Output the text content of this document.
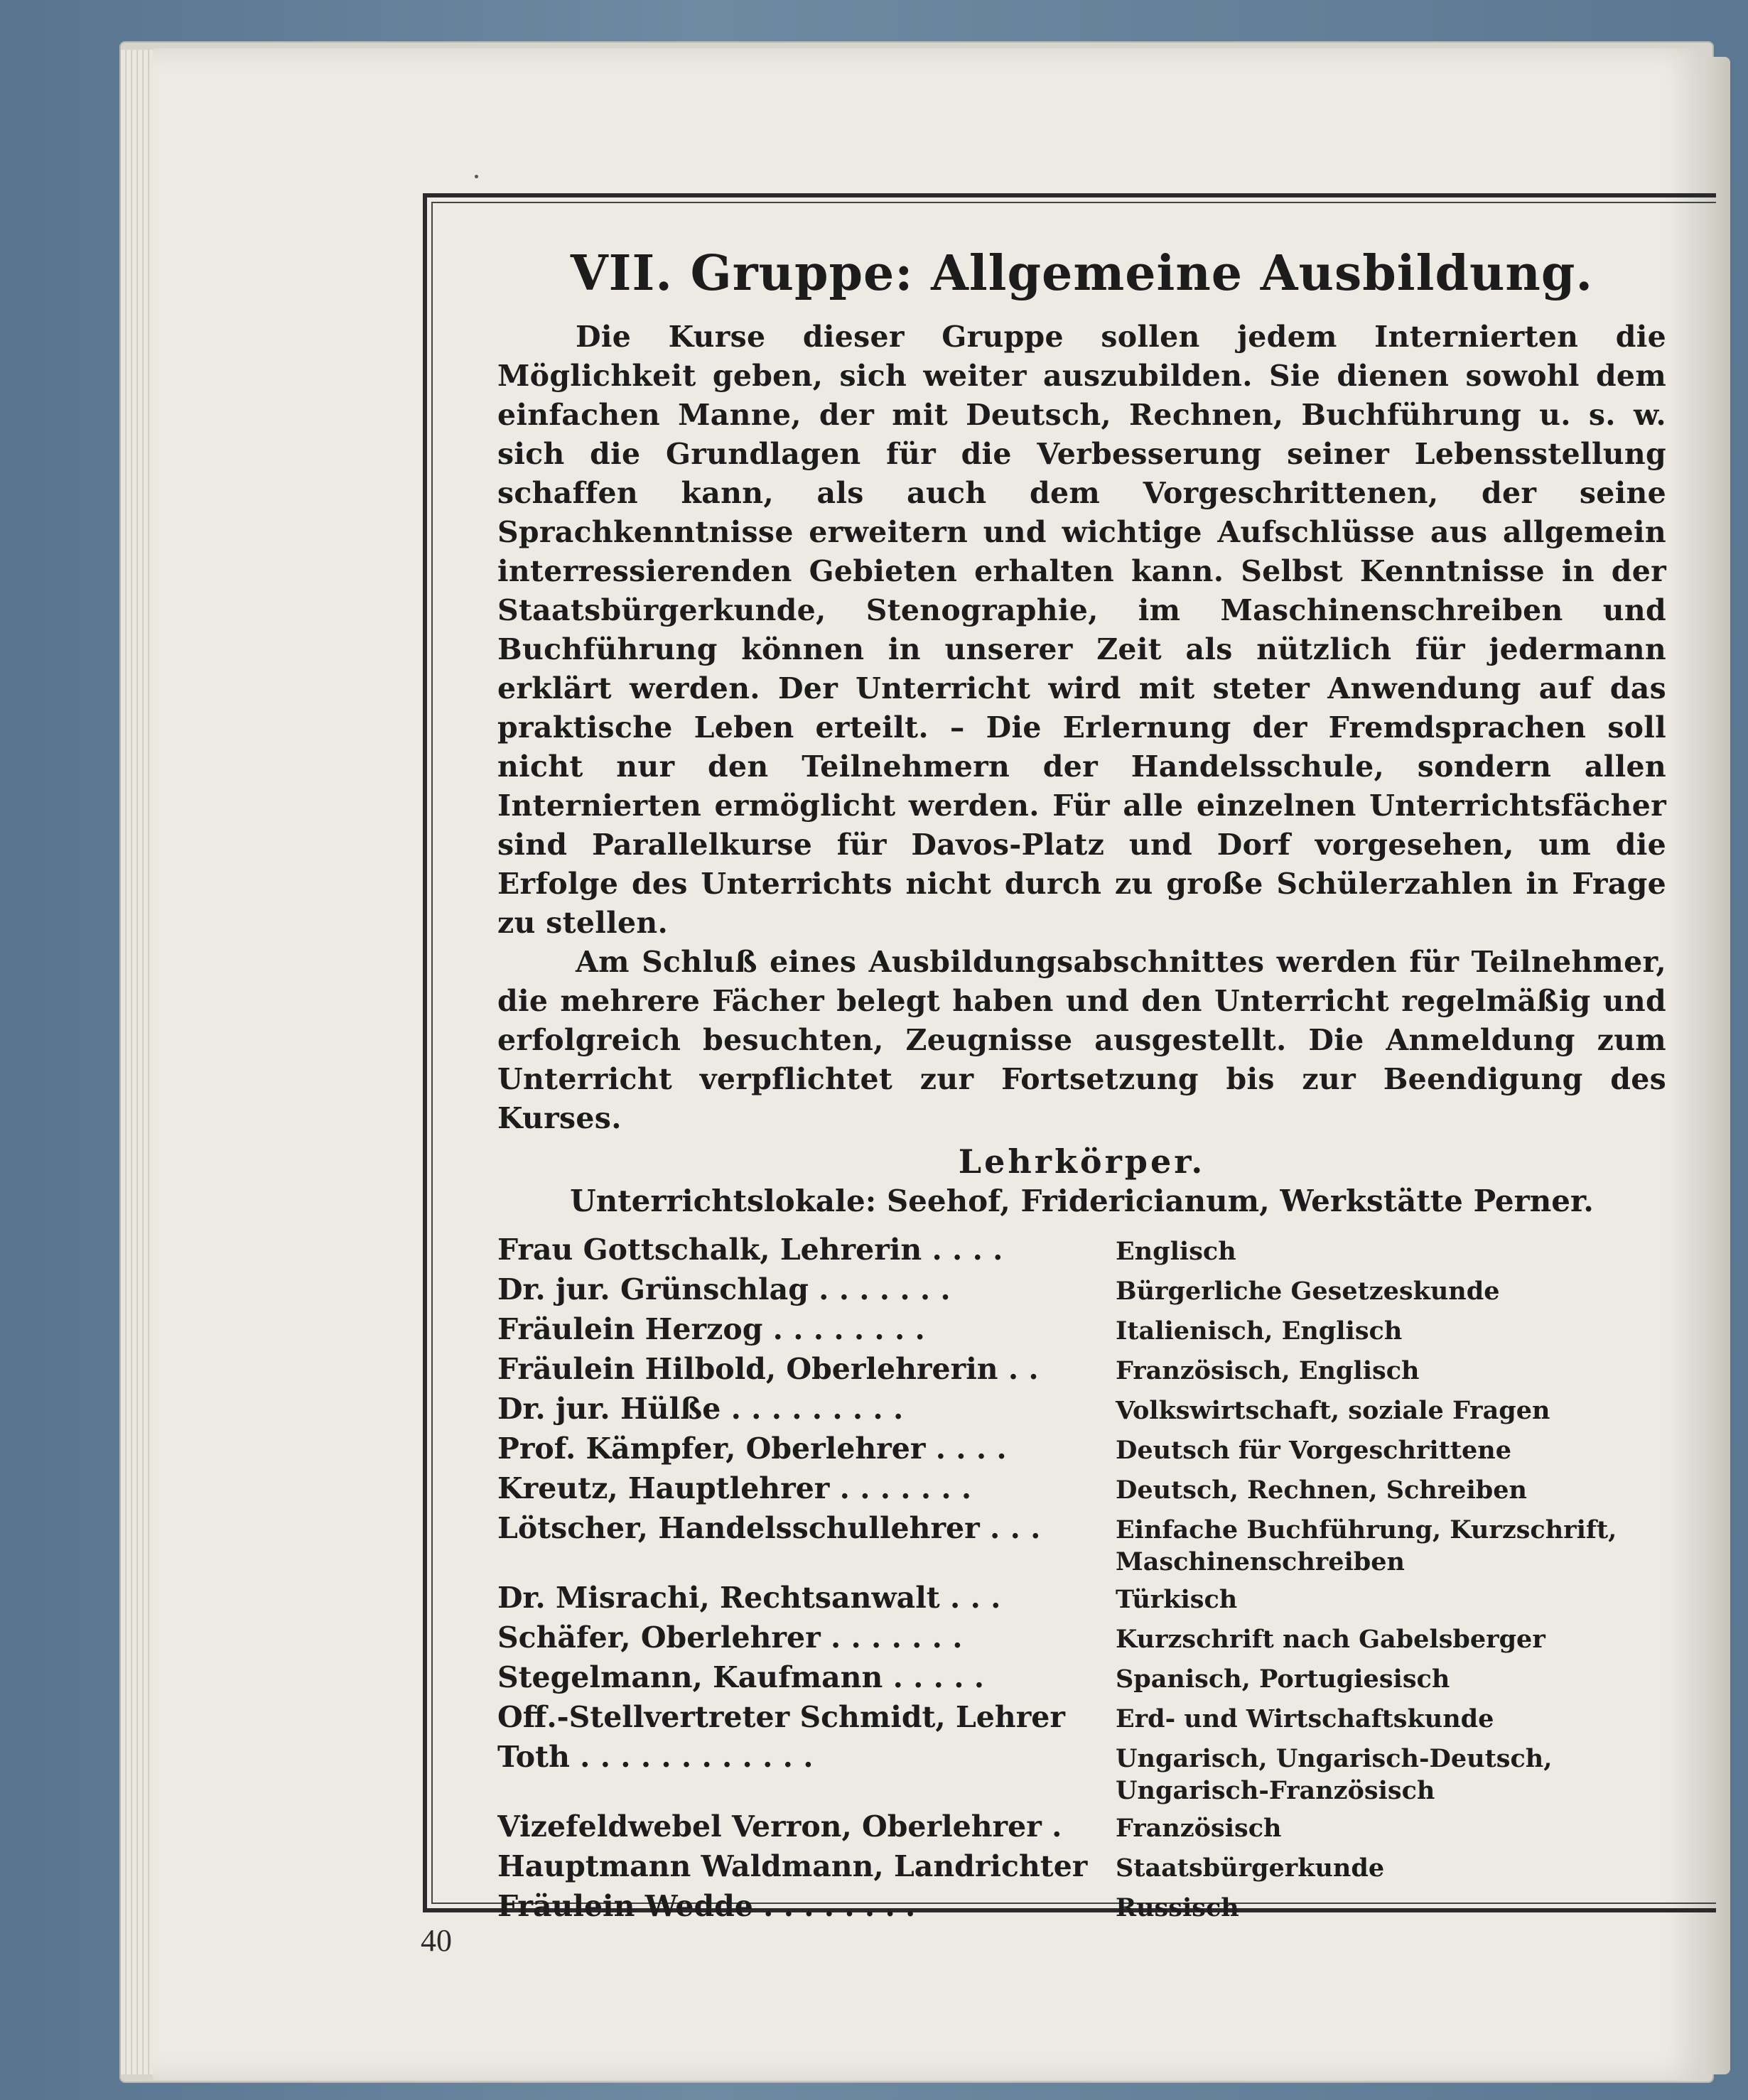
VII. Gruppe: Allgemeine Ausbildung.

Die Kurse dieser Gruppe sollen jedem Internierten die Möglichkeit geben, sich weiter auszubilden. Sie dienen sowohl dem einfachen Manne, der mit Deutsch, Rechnen, Buchführung u. s. w. sich die Grundlagen für die Verbesserung seiner Lebensstellung schaffen kann, als auch dem Vorgeschrittenen, der seine Sprachkenntnisse erweitern und wichtige Aufschlüsse aus allgemein interressierenden Gebieten erhalten kann. Selbst Kenntnisse in der Staatsbürgerkunde, Stenographie, im Maschinenschreiben und Buchführung können in unserer Zeit als nützlich für jedermann erklärt werden. Der Unterricht wird mit steter Anwendung auf das praktische Leben erteilt. – Die Erlernung der Fremdsprachen soll nicht nur den Teilnehmern der Handelsschule, sondern allen Internierten ermöglicht werden. Für alle einzelnen Unterrichtsfächer sind Parallelkurse für Davos-Platz und Dorf vorgesehen, um die Erfolge des Unterrichts nicht durch zu große Schülerzahlen in Frage zu stellen.

Am Schluß eines Ausbildungsabschnittes werden für Teilnehmer, die mehrere Fächer belegt haben und den Unterricht regelmäßig und erfolgreich besuchten, Zeugnisse ausgestellt. Die Anmeldung zum Unterricht verpflichtet zur Fortsetzung bis zur Beendigung des Kurses.

Lehrkörper.
Unterrichtslokale: Seehof, Fridericianum, Werkstätte Perner.
Frau Gottschalk, Lehrerin . . . .	Englisch
Dr. jur. Grünschlag . . . . . . .	Bürgerliche Gesetzeskunde
Fräulein Herzog . . . . . . . .	Italienisch, Englisch
Fräulein Hilbold, Oberlehrerin . .	Französisch, Englisch
Dr. jur. Hülße . . . . . . . . .	Volkswirtschaft, soziale Fragen
Prof. Kämpfer, Oberlehrer . . . .	Deutsch für Vorgeschrittene
Kreutz, Hauptlehrer . . . . . . .	Deutsch, Rechnen, Schreiben
Lötscher, Handelsschullehrer . . .	Einfache Buchführung, Kurzschrift, Maschinenschreiben
Dr. Misrachi, Rechtsanwalt . . .	Türkisch
Schäfer, Oberlehrer . . . . . . .	Kurzschrift nach Gabelsberger
Stegelmann, Kaufmann . . . . .	Spanisch, Portugiesisch
Off.-Stellvertreter Schmidt, Lehrer	Erd- und Wirtschaftskunde
Toth . . . . . . . . . . . .	Ungarisch, Ungarisch-Deutsch, Ungarisch-Französisch
Vizefeldwebel Verron, Oberlehrer .	Französisch
Hauptmann Waldmann, Landrichter	Staatsbürgerkunde
Fräulein Wedde . . . . . . . .	Russisch
40
